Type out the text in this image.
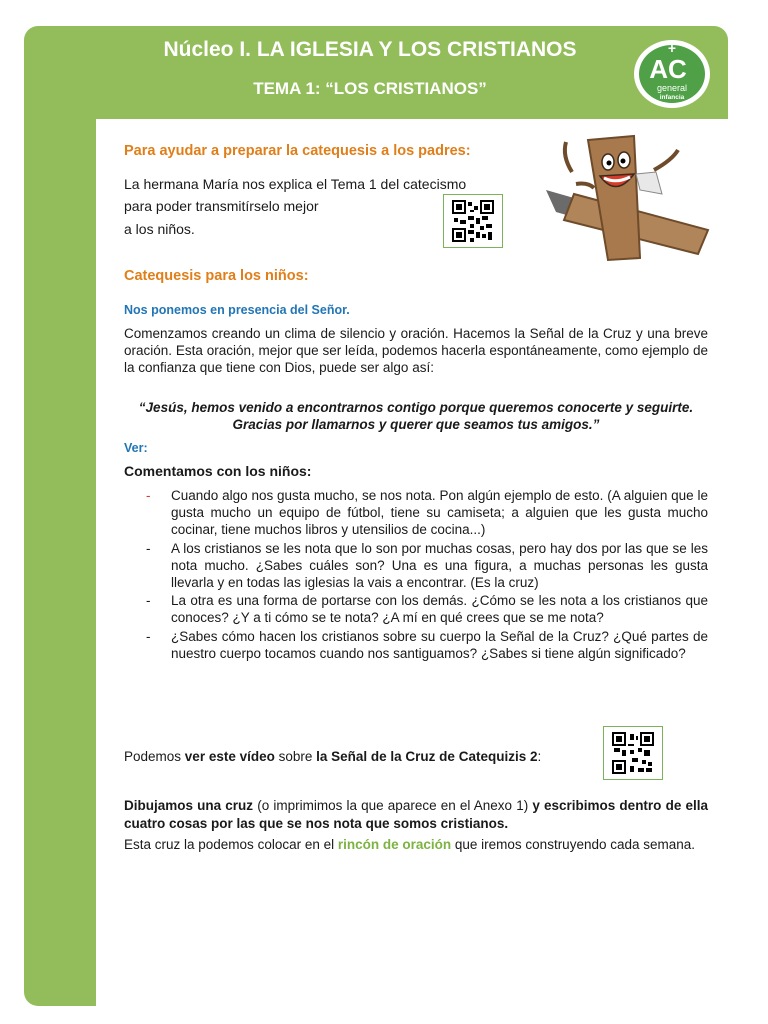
Núcleo I. LA IGLESIA Y LOS CRISTIANOS
TEMA 1: “LOS CRISTIANOS”
+
AC
general
infancia
Para ayudar a preparar la catequesis a los padres:
La hermana María nos explica el Tema 1 del catecismo
para poder transmitírselo mejor
a los niños.
Catequesis para los niños:
Nos ponemos en presencia del Señor.
Comenzamos creando un clima de silencio y oración. Hacemos la Señal de la Cruz y una breve oración. Esta oración, mejor que ser leída, podemos hacerla espontáneamente, como ejemplo de la confianza que tiene con Dios, puede ser algo así:
“Jesús, hemos venido a encontrarnos contigo porque queremos conocerte y seguirte. Gracias por llamarnos y querer que seamos tus amigos.”
Ver:
Comentamos con los niños:
- Cuando algo nos gusta mucho, se nos nota. Pon algún ejemplo de esto. (A alguien que le gusta mucho un equipo de fútbol, tiene su camiseta; a alguien que les gusta mucho cocinar, tiene muchos libros y utensilios de cocina...)
- A los cristianos se les nota que lo son por muchas cosas, pero hay dos por las que se les nota mucho. ¿Sabes cuáles son? Una es una figura, a muchas personas les gusta llevarla y en todas las iglesias la vais a encontrar. (Es la cruz)
- La otra es una forma de portarse con los demás. ¿Cómo se les nota a los cristianos que conoces? ¿Y a ti cómo se te nota? ¿A mí en qué crees que se me nota?
- ¿Sabes cómo hacen los cristianos sobre su cuerpo la Señal de la Cruz? ¿Qué partes de nuestro cuerpo tocamos cuando nos santiguamos? ¿Sabes si tiene algún significado?
Podemos ver este vídeo sobre la Señal de la Cruz de Catequizis 2:
Dibujamos una cruz (o imprimimos la que aparece en el Anexo 1) y escribimos dentro de ella cuatro cosas por las que se nos nota que somos cristianos.
Esta cruz la podemos colocar en el rincón de oración que iremos construyendo cada semana.
